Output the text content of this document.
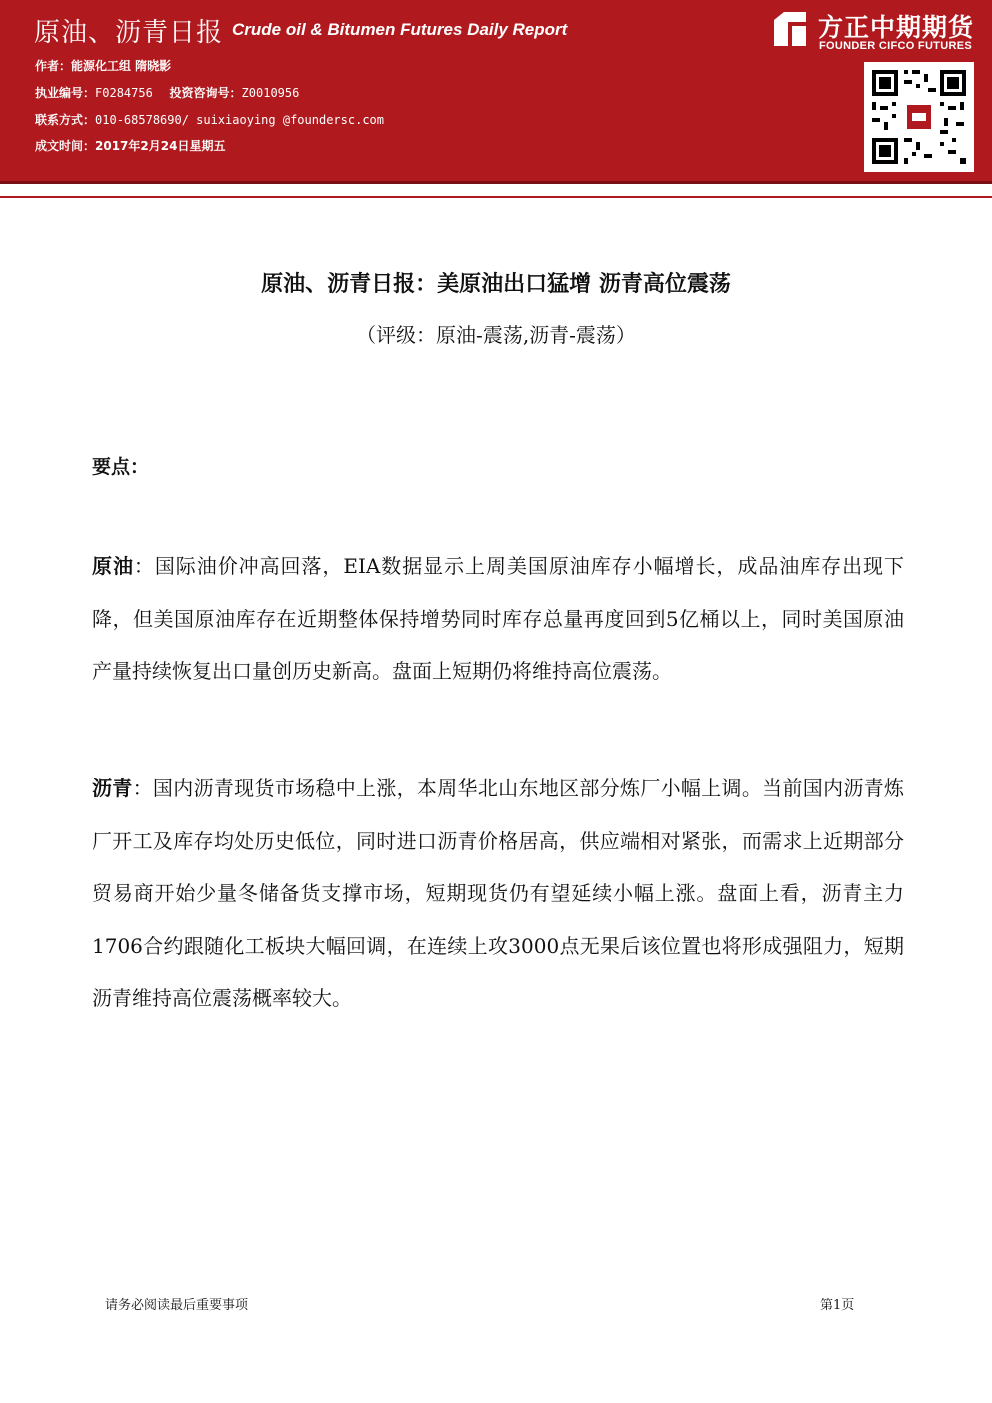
原油、沥青日报 Crude oil & Bitumen Futures Daily Report
作者：能源化工组 隋晓影
执业编号：F0284756 投资咨询号：Z0010956
联系方式：010-68578690/ suixiaoying @foundersc.com
成文时间：2017年2月24日星期五
方正中期期货
FOUNDER CIFCO FUTURES
原油、沥青日报：美原油出口猛增 沥青高位震荡
（评级：原油-震荡,沥青-震荡）
要点：
原油：国际油价冲高回落，EIA数据显示上周美国原油库存小幅增长，成品油库存出现下降，但美国原油库存在近期整体保持增势同时库存总量再度回到5亿桶以上，同时美国原油产量持续恢复出口量创历史新高。盘面上短期仍将维持高位震荡。
沥青：国内沥青现货市场稳中上涨，本周华北山东地区部分炼厂小幅上调。当前国内沥青炼厂开工及库存均处历史低位，同时进口沥青价格居高，供应端相对紧张，而需求上近期部分贸易商开始少量冬储备货支撑市场，短期现货仍有望延续小幅上涨。盘面上看，沥青主力1706合约跟随化工板块大幅回调，在连续上攻3000点无果后该位置也将形成强阻力，短期沥青维持高位震荡概率较大。
请务必阅读最后重要事项	第1页
